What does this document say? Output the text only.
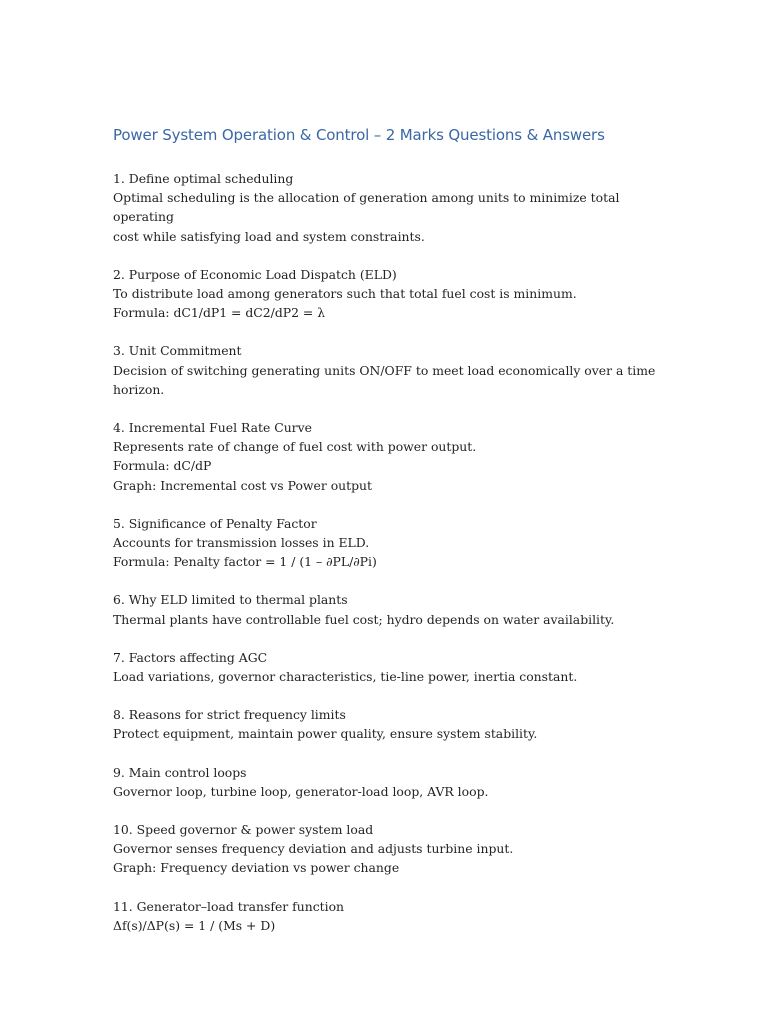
Power System Operation & Control – 2 Marks Questions & Answers

1. Define optimal scheduling

Optimal scheduling is the allocation of generation among units to minimize total operating

cost while satisfying load and system constraints.

2. Purpose of Economic Load Dispatch (ELD)

To distribute load among generators such that total fuel cost is minimum.

Formula: dC1/dP1 = dC2/dP2 = λ

3. Unit Commitment

Decision of switching generating units ON/OFF to meet load economically over a time

horizon.

4. Incremental Fuel Rate Curve

Represents rate of change of fuel cost with power output.

Formula: dC/dP

Graph: Incremental cost vs Power output

5. Significance of Penalty Factor

Accounts for transmission losses in ELD.

Formula: Penalty factor = 1 / (1 – ∂PL/∂Pi)

6. Why ELD limited to thermal plants

Thermal plants have controllable fuel cost; hydro depends on water availability.

7. Factors affecting AGC

Load variations, governor characteristics, tie-line power, inertia constant.

8. Reasons for strict frequency limits

Protect equipment, maintain power quality, ensure system stability.

9. Main control loops

Governor loop, turbine loop, generator-load loop, AVR loop.

10. Speed governor & power system load

Governor senses frequency deviation and adjusts turbine input.

Graph: Frequency deviation vs power change

11. Generator–load transfer function

Δf(s)/ΔP(s) = 1 / (Ms + D)
